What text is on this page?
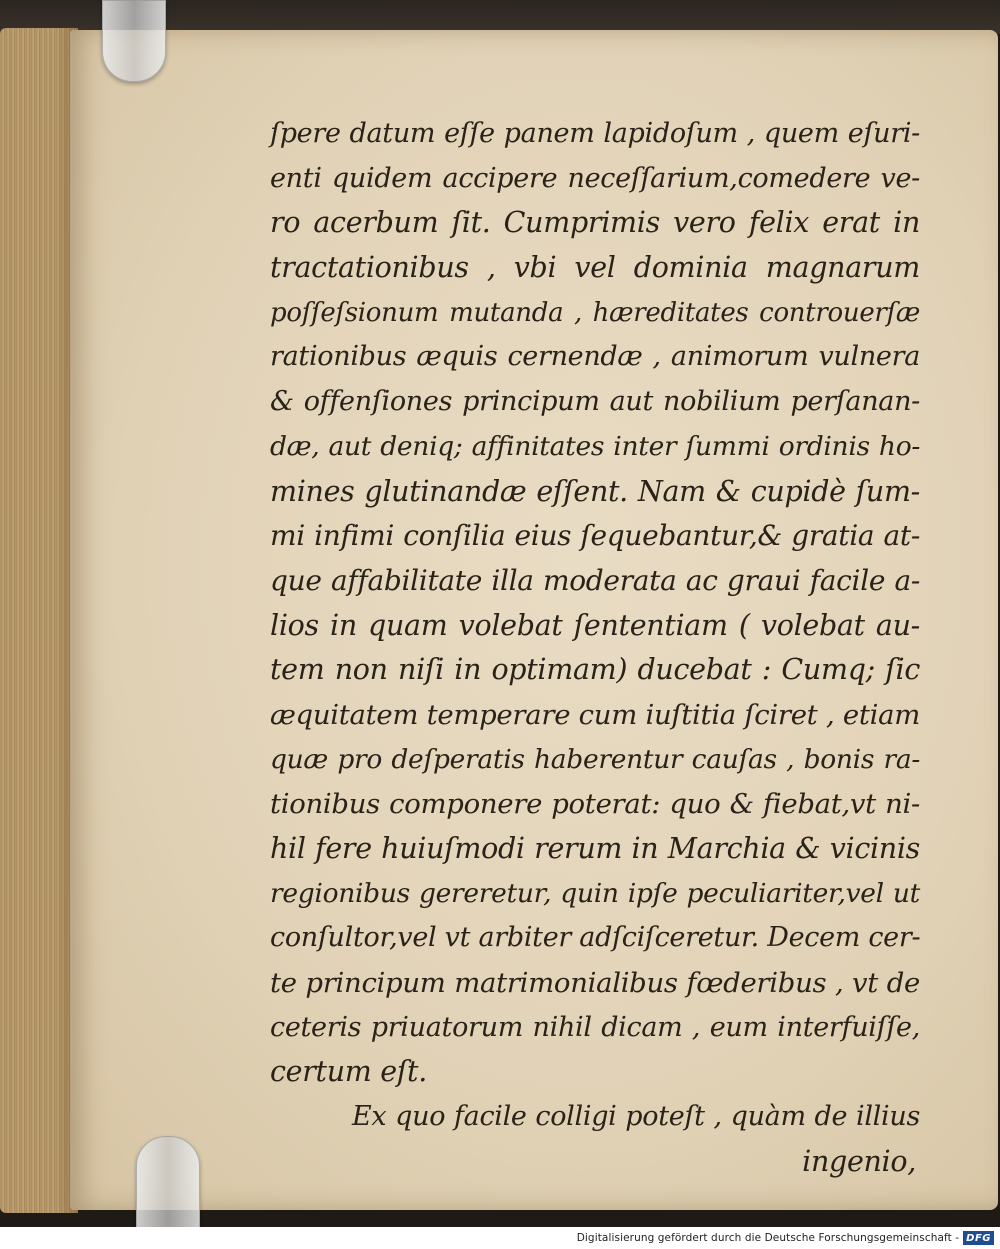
ſpere datum eſſe panem lapidoſum , quem eſuri-
enti quidem accipere neceſſarium,comedere ve-
ro acerbum ſit. Cumprimis vero felix erat in
tractationibus , vbi vel dominia magnarum
poſſeſsionum mutanda , hæreditates controuerſæ
rationibus æquis cernendæ , animorum vulnera
& offenſiones principum aut nobilium perſanan-
dæ, aut deniq; affinitates inter ſummi ordinis ho-
mines glutinandæ eſſent. Nam & cupidè ſum-
mi infimi conſilia eius ſequebantur,& gratia at-
que affabilitate illa moderata ac graui facile a-
lios in quam volebat ſententiam ( volebat au-
tem non niſi in optimam) ducebat : Cumq; ſic
æquitatem temperare cum iuſtitia ſciret , etiam
quæ pro deſperatis haberentur cauſas , bonis ra-
tionibus componere poterat: quo & fiebat,vt ni-
hil fere huiuſmodi rerum in Marchia & vicinis
regionibus gereretur, quin ipſe peculiariter,vel ut
conſultor,vel vt arbiter adſciſceretur. Decem cer-
te principum matrimonialibus fœderibus , vt de
ceteris priuatorum nihil dicam , eum interfuiſſe,
certum eſt.
Ex quo facile colligi poteſt , quàm de illius
ingenio,
Digitalisierung gefördert durch die Deutsche Forschungsgemeinschaft - DFG
